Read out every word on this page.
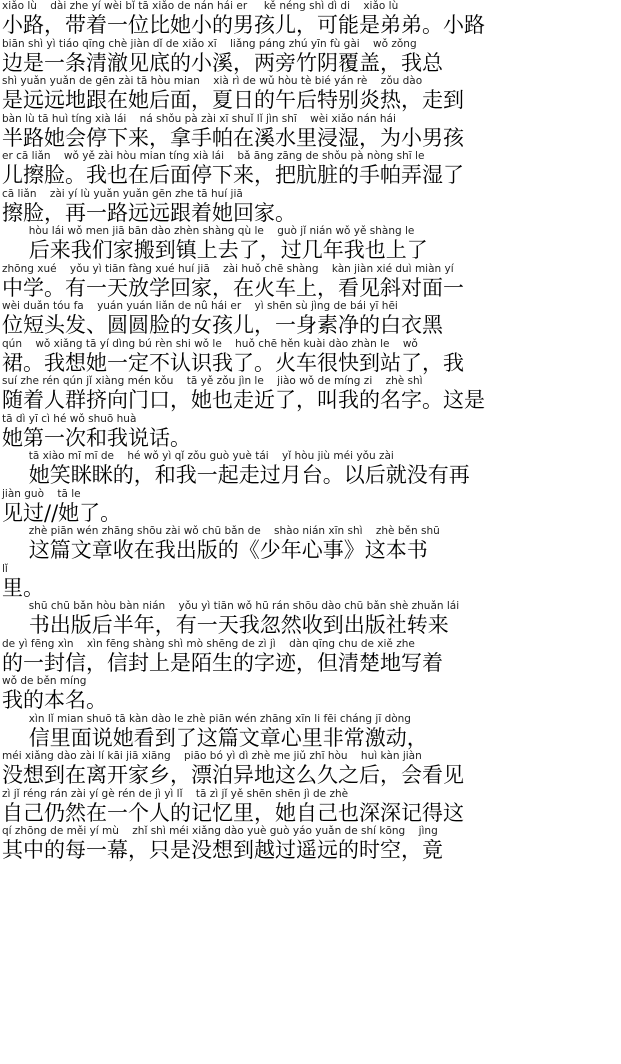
xiǎo lù    dài zhe yí wèi bǐ tā xiǎo de nán hái er     kě néng shì dì di    xiǎo lù
小路，带着一位比她小的男孩儿，可能是弟弟。小路
biān shì yì tiáo qīng chè jiàn dǐ de xiǎo xī    liǎng páng zhú yīn fù gài    wǒ zǒng
边是一条清澈见底的小溪，两旁竹阴覆盖，我总
shì yuǎn yuǎn de gēn zài tā hòu mian    xià rì de wǔ hòu tè bié yán rè    zǒu dào
是远远地跟在她后面，夏日的午后特别炎热，走到
bàn lù tā huì tíng xià lái    ná shǒu pà zài xī shuǐ lǐ jìn shī    wèi xiǎo nán hái
半路她会停下来，拿手帕在溪水里浸湿，为小男孩
er cā liǎn    wǒ yě zài hòu mian tíng xià lái    bǎ āng zāng de shǒu pà nòng shī le
儿擦脸。我也在后面停下来，把肮脏的手帕弄湿了
cā liǎn    zài yí lù yuǎn yuǎn gēn zhe tā huí jiā
擦脸，再一路远远跟着她回家。
hòu lái wǒ men jiā bān dào zhèn shàng qù le    guò jǐ nián wǒ yě shàng le
后来我们家搬到镇上去了，过几年我也上了
zhōng xué    yǒu yì tiān fàng xué huí jiā    zài huǒ chē shàng    kàn jiàn xié duì miàn yí
中学。有一天放学回家，在火车上，看见斜对面一
wèi duǎn tóu fa    yuán yuán liǎn de nǚ hái er    yì shēn sù jìng de bái yī hēi
位短头发、圆圆脸的女孩儿，一身素净的白衣黑
qún    wǒ xiǎng tā yí dìng bú rèn shi wǒ le    huǒ chē hěn kuài dào zhàn le    wǒ
裙。我想她一定不认识我了。火车很快到站了，我
suí zhe rén qún jǐ xiàng mén kǒu    tā yě zǒu jìn le    jiào wǒ de míng zi    zhè shì
随着人群挤向门口，她也走近了，叫我的名字。这是
tā dì yī cì hé wǒ shuō huà
她第一次和我说话。
tā xiào mī mī de    hé wǒ yì qǐ zǒu guò yuè tái    yǐ hòu jiù méi yǒu zài
她笑眯眯的，和我一起走过月台。以后就没有再
jiàn guò    tā le
见过//她了。
zhè piān wén zhāng shōu zài wǒ chū bǎn de    shào nián xīn shì    zhè běn shū
这篇文章收在我出版的《少年心事》这本书
lǐ
里。
shū chū bǎn hòu bàn nián    yǒu yì tiān wǒ hū rán shōu dào chū bǎn shè zhuǎn lái
书出版后半年，有一天我忽然收到出版社转来
de yì fēng xìn    xìn fēng shàng shì mò shēng de zì jì    dàn qīng chu de xiě zhe
的一封信，信封上是陌生的字迹，但清楚地写着
wǒ de běn míng
我的本名。
xìn lǐ mian shuō tā kàn dào le zhè piān wén zhāng xīn li fēi cháng jī dòng
信里面说她看到了这篇文章心里非常激动，
méi xiǎng dào zài lí kāi jiā xiāng    piāo bó yì dì zhè me jiǔ zhī hòu    huì kàn jiàn
没想到在离开家乡，漂泊异地这么久之后，会看见
zì jǐ réng rán zài yí gè rén de jì yì lǐ    tā zì jǐ yě shēn shēn jì de zhè
自己仍然在一个人的记忆里，她自己也深深记得这
qí zhōng de měi yí mù    zhǐ shì méi xiǎng dào yuè guò yáo yuǎn de shí kōng    jìng
其中的每一幕，只是没想到越过遥远的时空，竟
